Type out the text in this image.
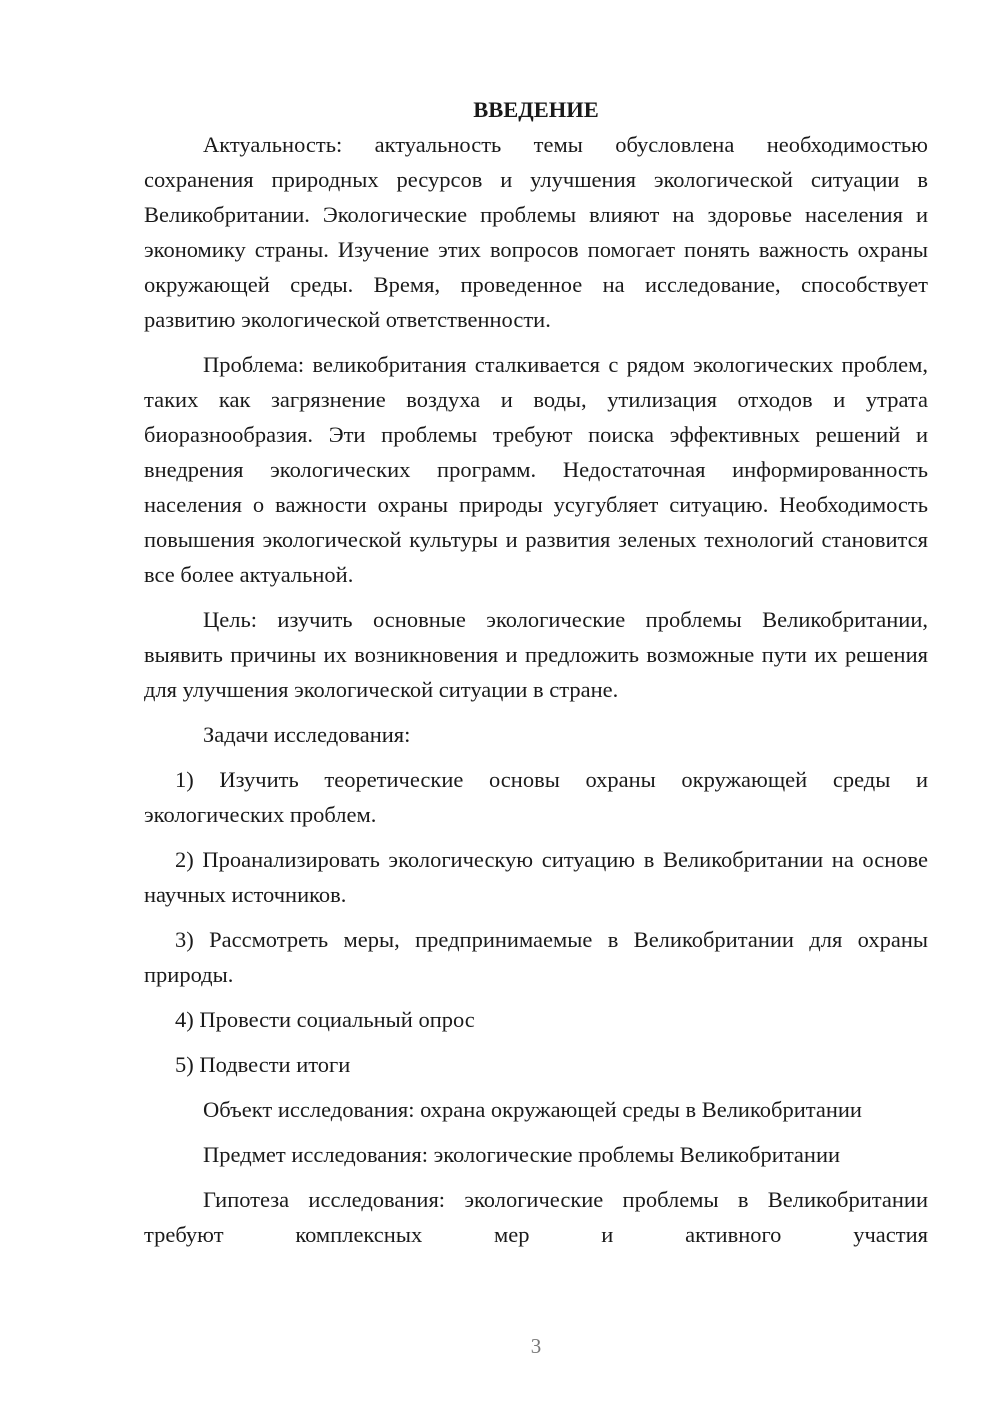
ВВЕДЕНИЕ

Актуальность: актуальность темы обусловлена необходимостью сохранения природных ресурсов и улучшения экологической ситуации в Великобритании. Экологические проблемы влияют на здоровье населения и экономику страны. Изучение этих вопросов помогает понять важность охраны окружающей среды. Время, проведенное на исследование, способствует развитию экологической ответственности.

Проблема: великобритания сталкивается с рядом экологических проблем, таких как загрязнение воздуха и воды, утилизация отходов и утрата биоразнообразия. Эти проблемы требуют поиска эффективных решений и внедрения экологических программ. Недостаточная информированность населения о важности охраны природы усугубляет ситуацию. Необходимость повышения экологической культуры и развития зеленых технологий становится все более актуальной.

Цель: изучить основные экологические проблемы Великобритании, выявить причины их возникновения и предложить возможные пути их решения для улучшения экологической ситуации в стране.

Задачи исследования:

1) Изучить теоретические основы охраны окружающей среды и экологических проблем.

2) Проанализировать экологическую ситуацию в Великобритании на основе научных источников.

3) Рассмотреть меры, предпринимаемые в Великобритании для охраны природы.

4) Провести социальный опрос

5) Подвести итоги

Объект исследования: охрана окружающей среды в Великобритании

Предмет исследования: экологические проблемы Великобритании

Гипотеза исследования: экологические проблемы в Великобритании требуют комплексных мер и активного участия

3
